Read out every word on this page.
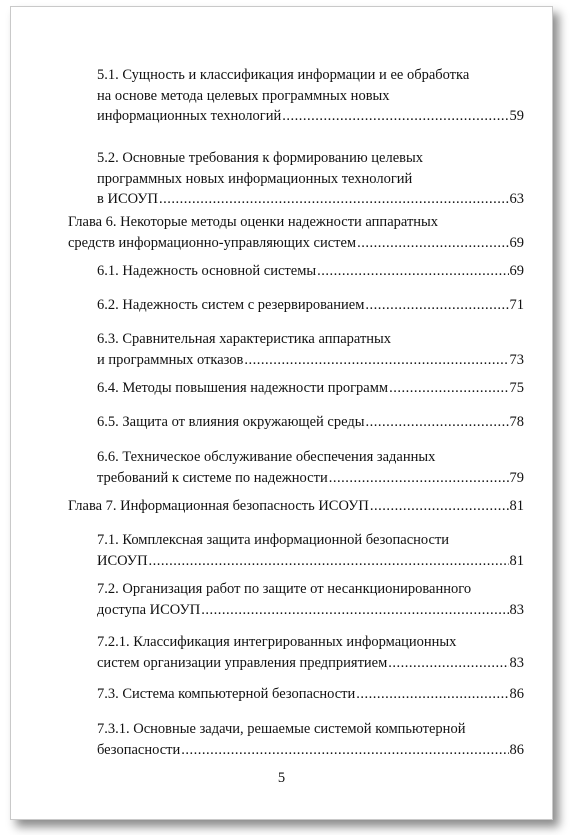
5.1. Сущность и классификация информации и ее обработка
на основе метода целевых программных новых
информационных технологий .....	59
5.2. Основные требования к формированию целевых
программных новых информационных технологий
в ИСОУП .....	63
Глава 6. Некоторые методы оценки надежности аппаратных
средств информационно-управляющих систем .....	69
6.1. Надежность основной системы .....	69
6.2. Надежность систем с резервированием .....	71
6.3. Сравнительная характеристика аппаратных
и программных отказов .....	73
6.4. Методы повышения надежности программ .....	75
6.5. Защита от влияния окружающей среды .....	78
6.6. Техническое обслуживание обеспечения заданных
требований к системе по надежности .....	79
Глава 7. Информационная безопасность ИСОУП .....	81
7.1. Комплексная защита информационной безопасности
ИСОУП .....	81
7.2. Организация работ по защите от несанкционированного
доступа ИСОУП .....	83
7.2.1. Классификация интегрированных информационных
систем организации управления предприятием .....	83
7.3. Система компьютерной безопасности .....	86
7.3.1. Основные задачи, решаемые системой компьютерной
безопасности .....	86
5
